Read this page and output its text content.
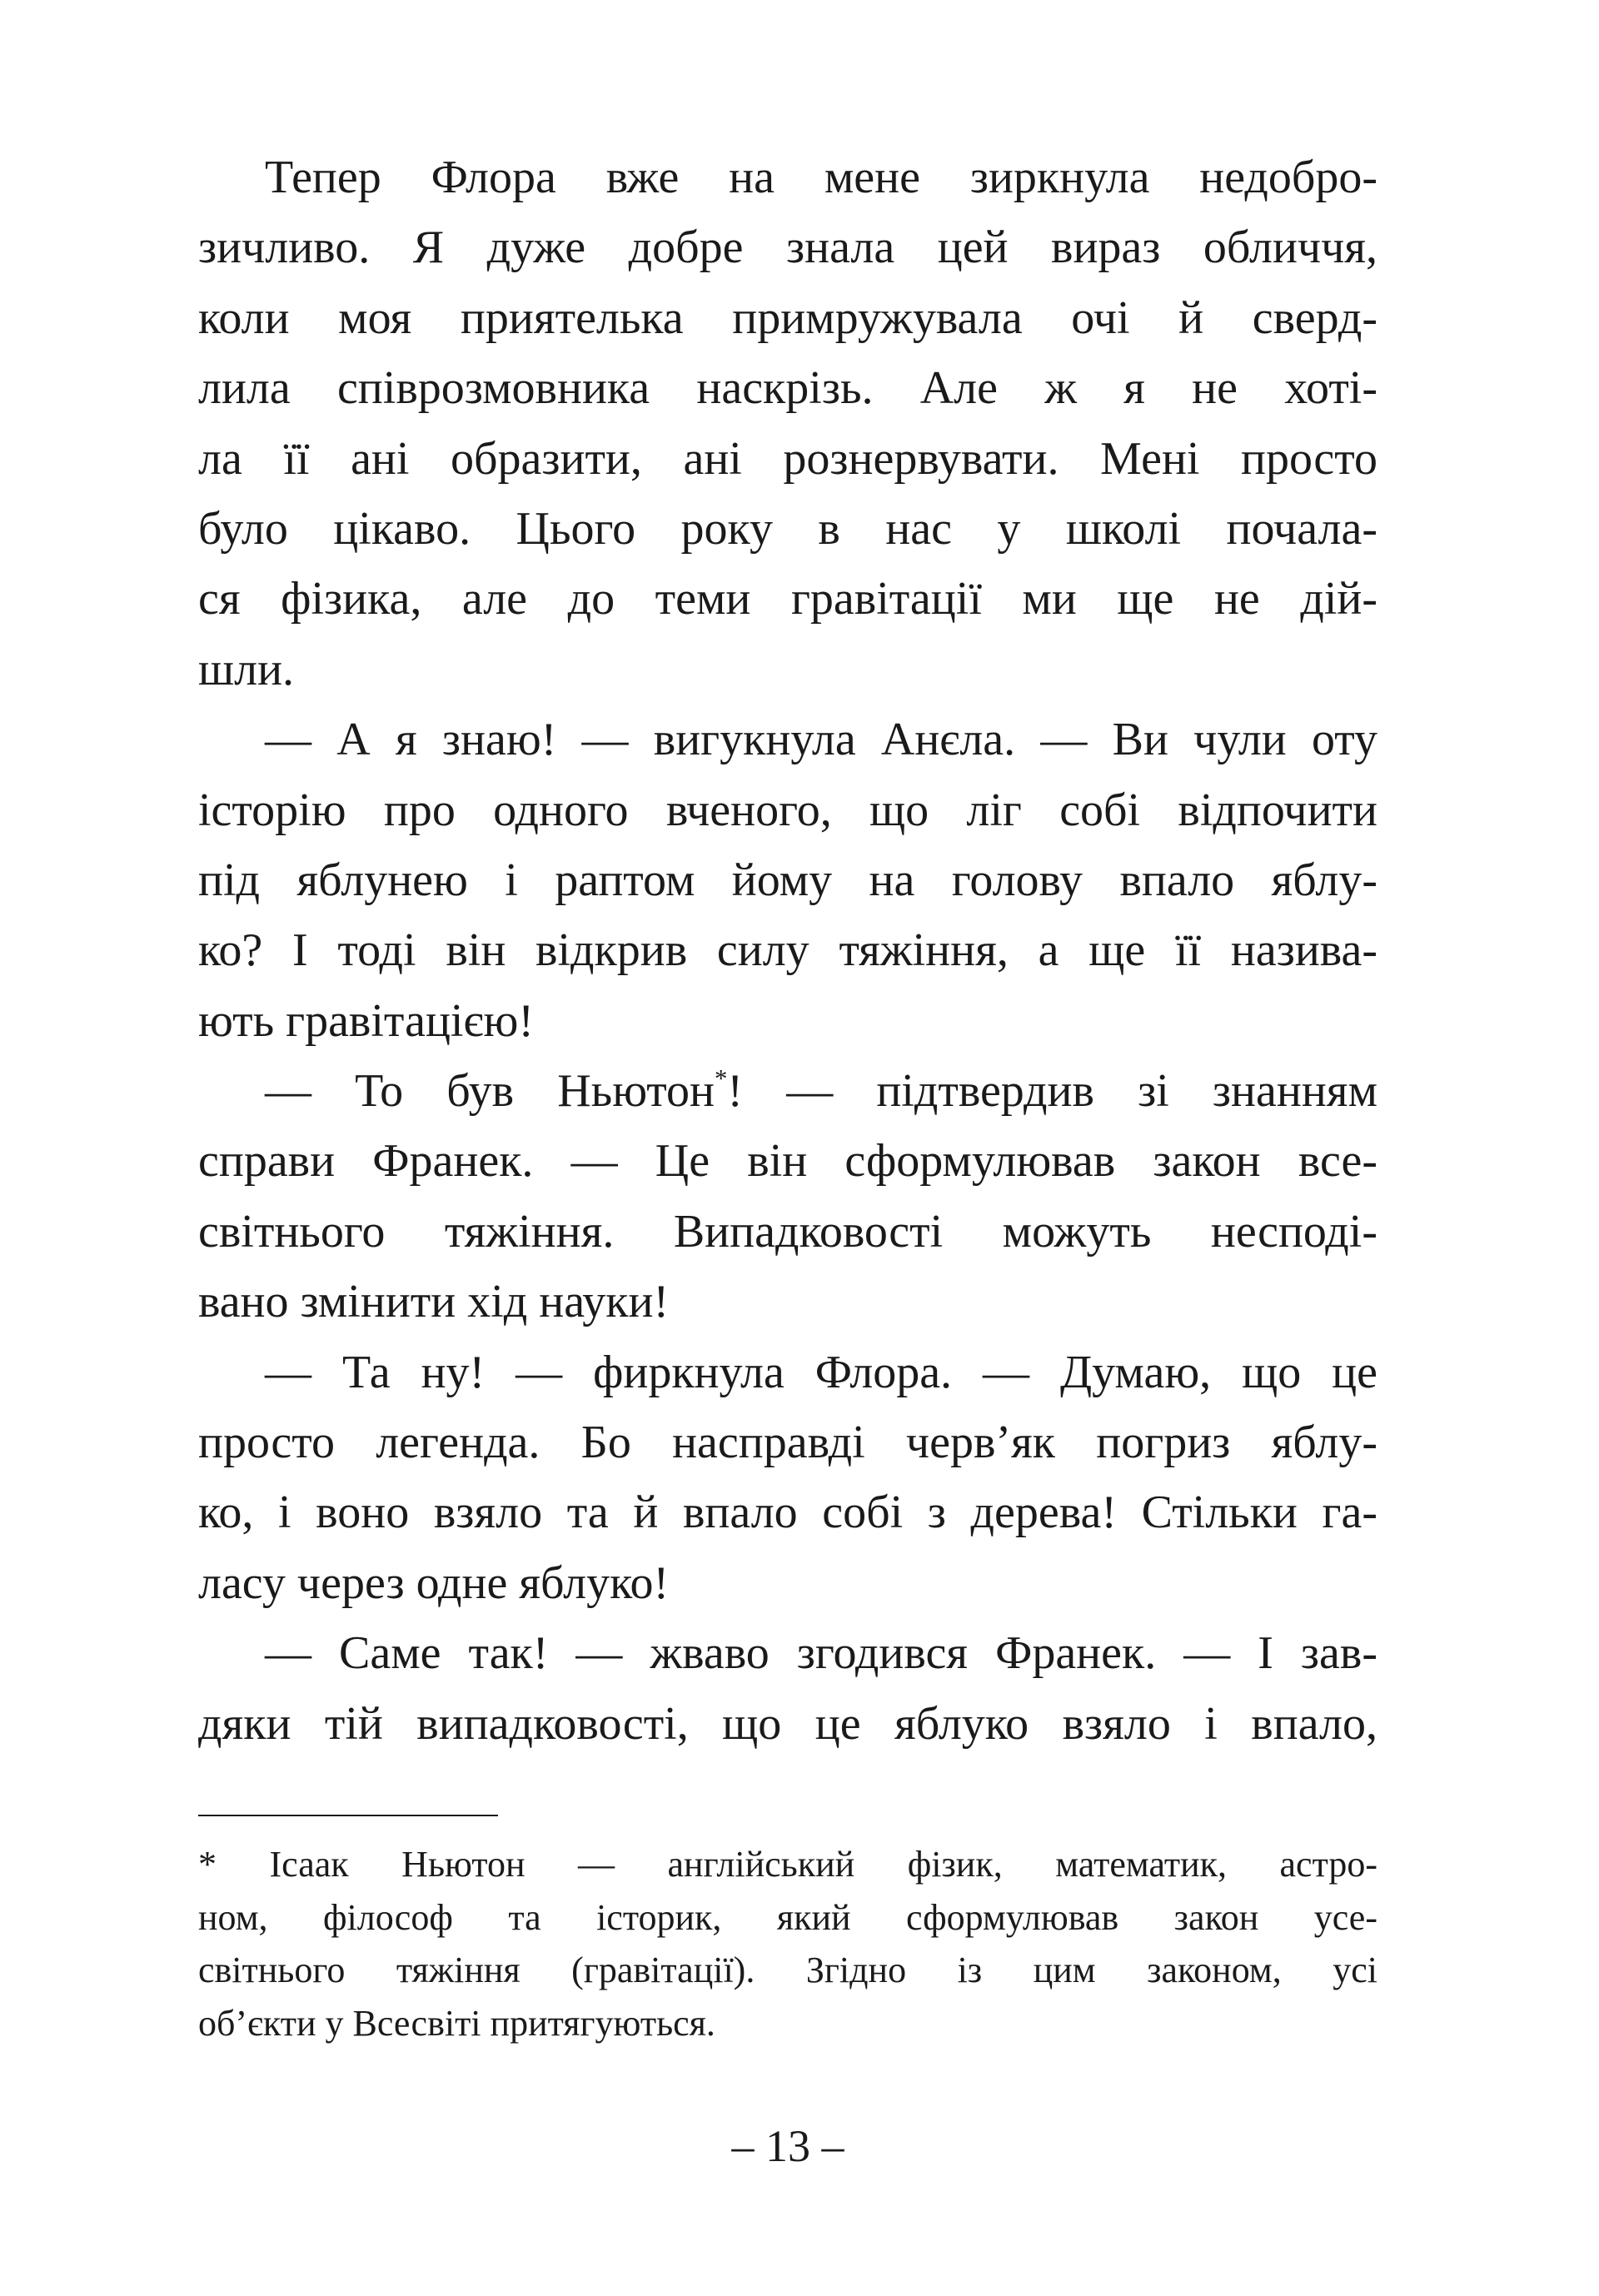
Тепер Флора вже на мене зиркнула недобро-
зичливо. Я дуже добре знала цей вираз обличчя,
коли моя приятелька примружувала очі й сверд-
лила співрозмовника наскрізь. Але ж я не хоті-
ла її ані образити, ані рознервувати. Мені просто
було цікаво. Цього року в нас у школі почала-
ся фізика, але до теми гравітації ми ще не дій-
шли.
— А я знаю! — вигукнула Анєла. — Ви чули оту
історію про одного вченого, що ліг собі відпочити
під яблунею і раптом йому на голову впало яблу-
ко? І тоді він відкрив силу тяжіння, а ще її назива-
ють гравітацією!
— То був Ньютон*! — підтвердив зі знанням
справи Франек. — Це він сформулював закон все-
світнього тяжіння. Випадковості можуть несподі-
вано змінити хід науки!
— Та ну! — фиркнула Флора. — Думаю, що це
просто легенда. Бо насправді черв’як погриз яблу-
ко, і воно взяло та й впало собі з дерева! Стільки га-
ласу через одне яблуко!
— Саме так! — жваво згодився Франек. — І зав-
дяки тій випадковості, що це яблуко взяло і впало,
* Ісаак Ньютон — англійський фізик, математик, астро-
ном, філософ та історик, який сформулював закон усе-
світнього тяжіння (гравітації). Згідно із цим законом, усі
об’єкти у Всесвіті притягуються.
– 13 –
